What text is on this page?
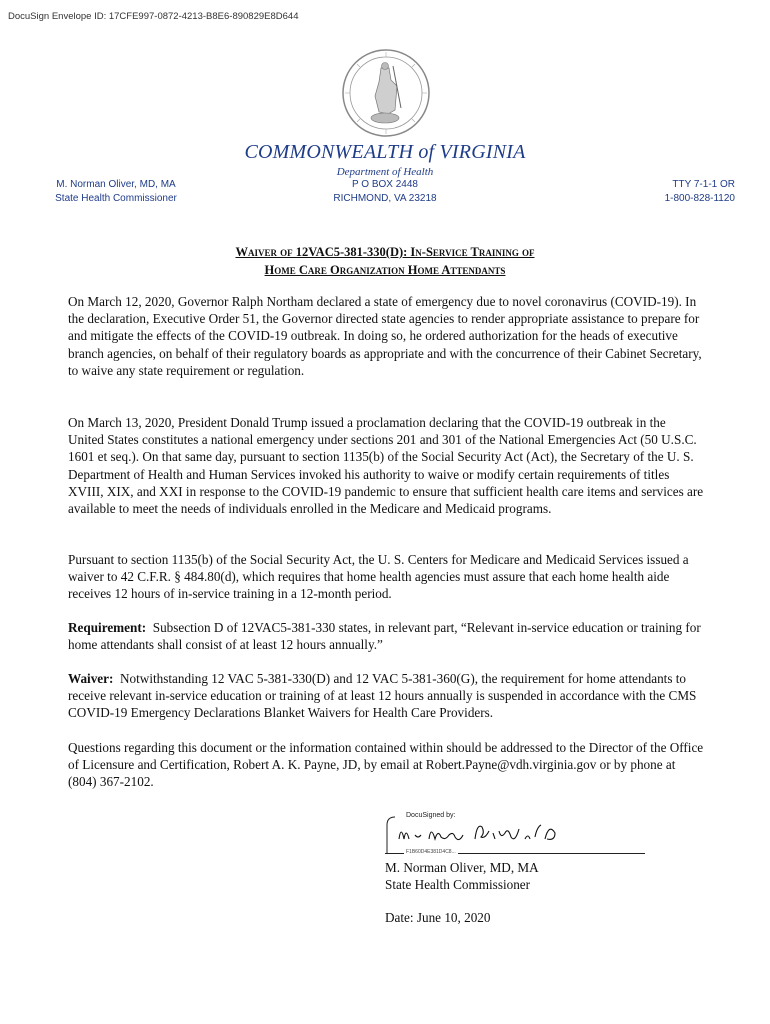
DocuSign Envelope ID: 17CFE997-0872-4213-B8E6-890829E8D644
COMMONWEALTH of VIRGINIA
Department of Health
M. Norman Oliver, MD, MA
State Health Commissioner
P O BOX 2448
RICHMOND, VA 23218
TTY 7-1-1 OR
1-800-828-1120
Waiver of 12VAC5-381-330(D): In-Service Training of
Home Care Organization Home Attendants

On March 12, 2020, Governor Ralph Northam declared a state of emergency due to novel coronavirus (COVID-19). In the declaration, Executive Order 51, the Governor directed state agencies to render appropriate assistance to prepare for and mitigate the effects of the COVID-19 outbreak. In doing so, he ordered authorization for the heads of executive branch agencies, on behalf of their regulatory boards as appropriate and with the concurrence of their Cabinet Secretary, to waive any state requirement or regulation.

On March 13, 2020, President Donald Trump issued a proclamation declaring that the COVID-19 outbreak in the United States constitutes a national emergency under sections 201 and 301 of the National Emergencies Act (50 U.S.C. 1601 et seq.). On that same day, pursuant to section 1135(b) of the Social Security Act (Act), the Secretary of the U. S. Department of Health and Human Services invoked his authority to waive or modify certain requirements of titles XVIII, XIX, and XXI in response to the COVID-19 pandemic to ensure that sufficient health care items and services are available to meet the needs of individuals enrolled in the Medicare and Medicaid programs.

Pursuant to section 1135(b) of the Social Security Act, the U. S. Centers for Medicare and Medicaid Services issued a waiver to 42 C.F.R. § 484.80(d), which requires that home health agencies must assure that each home health aide receives 12 hours of in-service training in a 12-month period.

Requirement:  Subsection D of 12VAC5-381-330 states, in relevant part, “Relevant in-service education or training for home attendants shall consist of at least 12 hours annually.”

Waiver:  Notwithstanding 12 VAC 5-381-330(D) and 12 VAC 5-381-360(G), the requirement for home attendants to receive relevant in-service education or training of at least 12 hours annually is suspended in accordance with the CMS COVID-19 Emergency Declarations Blanket Waivers for Health Care Providers.

Questions regarding this document or the information contained within should be addressed to the Director of the Office of Licensure and Certification, Robert A. K. Payne, JD, by email at Robert.Payne@vdh.virginia.gov or by phone at (804) 367-2102.

DocuSigned by:
F1B60D4E381D4C8...
M. Norman Oliver, MD, MA
State Health Commissioner
Date: June 10, 2020
